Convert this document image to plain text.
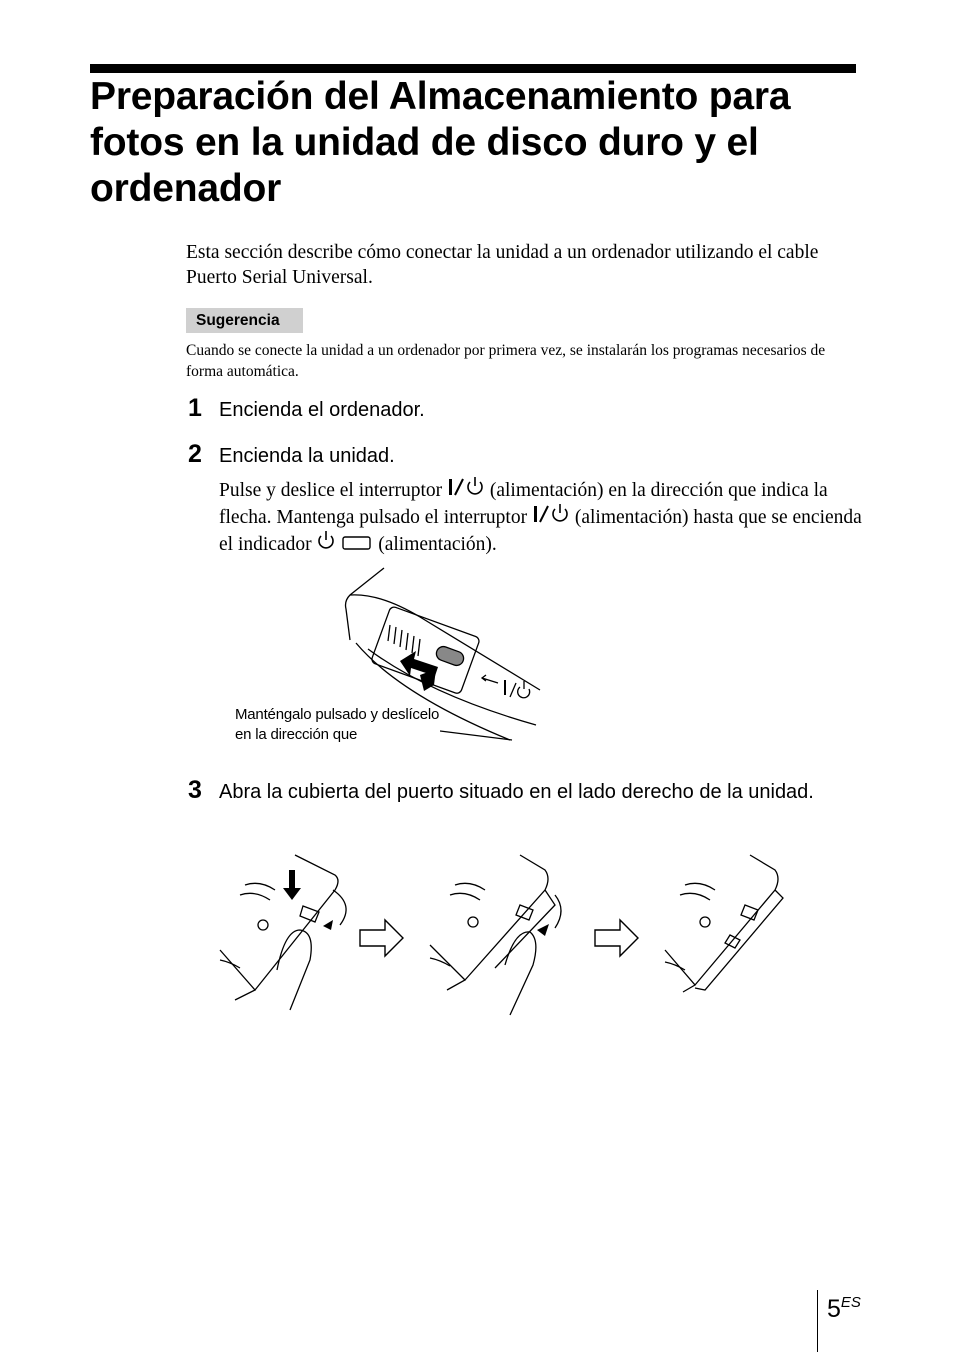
Preparación del Almacenamiento para fotos en la unidad de disco duro y el ordenador

Esta sección describe cómo conectar la unidad a un ordenador utilizando el cable Puerto Serial Universal.

Sugerencia

Cuando se conecte la unidad a un ordenador por primera vez, se instalarán los programas necesarios de forma automática.

1 Encienda el ordenador.

2 Encienda la unidad.

Pulse y deslice el interruptor (alimentación) en la dirección que indica la flecha. Mantenga pulsado el interruptor (alimentación) hasta que se encienda el indicador	(alimentación).

Manténgalo pulsado y deslícelo en la dirección que

3 Abra la cubierta del puerto situado en el lado derecho de la unidad.

$5^{ES}$
